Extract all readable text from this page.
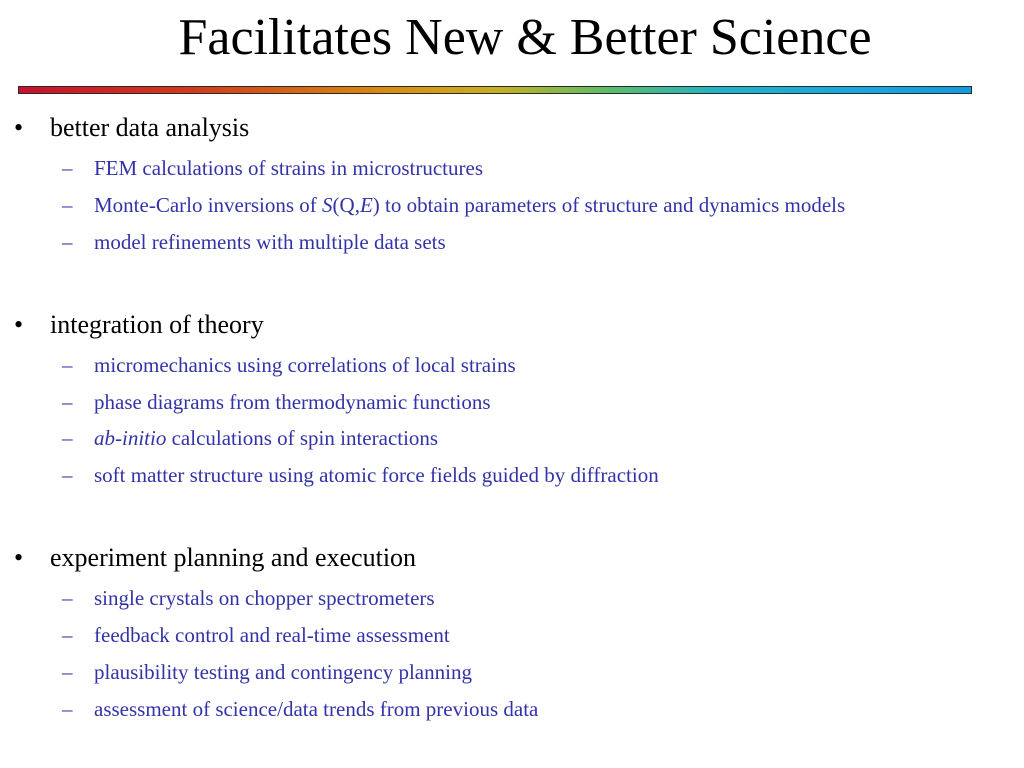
Facilitates New & Better Science
• better data analysis
– FEM calculations of strains in microstructures
– Monte-Carlo inversions of S(Q,E) to obtain parameters of structure and dynamics models
– model refinements with multiple data sets
• integration of theory
– micromechanics using correlations of local strains
– phase diagrams from thermodynamic functions
– ab-initio calculations of spin interactions
– soft matter structure using atomic force fields guided by diffraction
• experiment planning and execution
– single crystals on chopper spectrometers
– feedback control and real-time assessment
– plausibility testing and contingency planning
– assessment of science/data trends from previous data
